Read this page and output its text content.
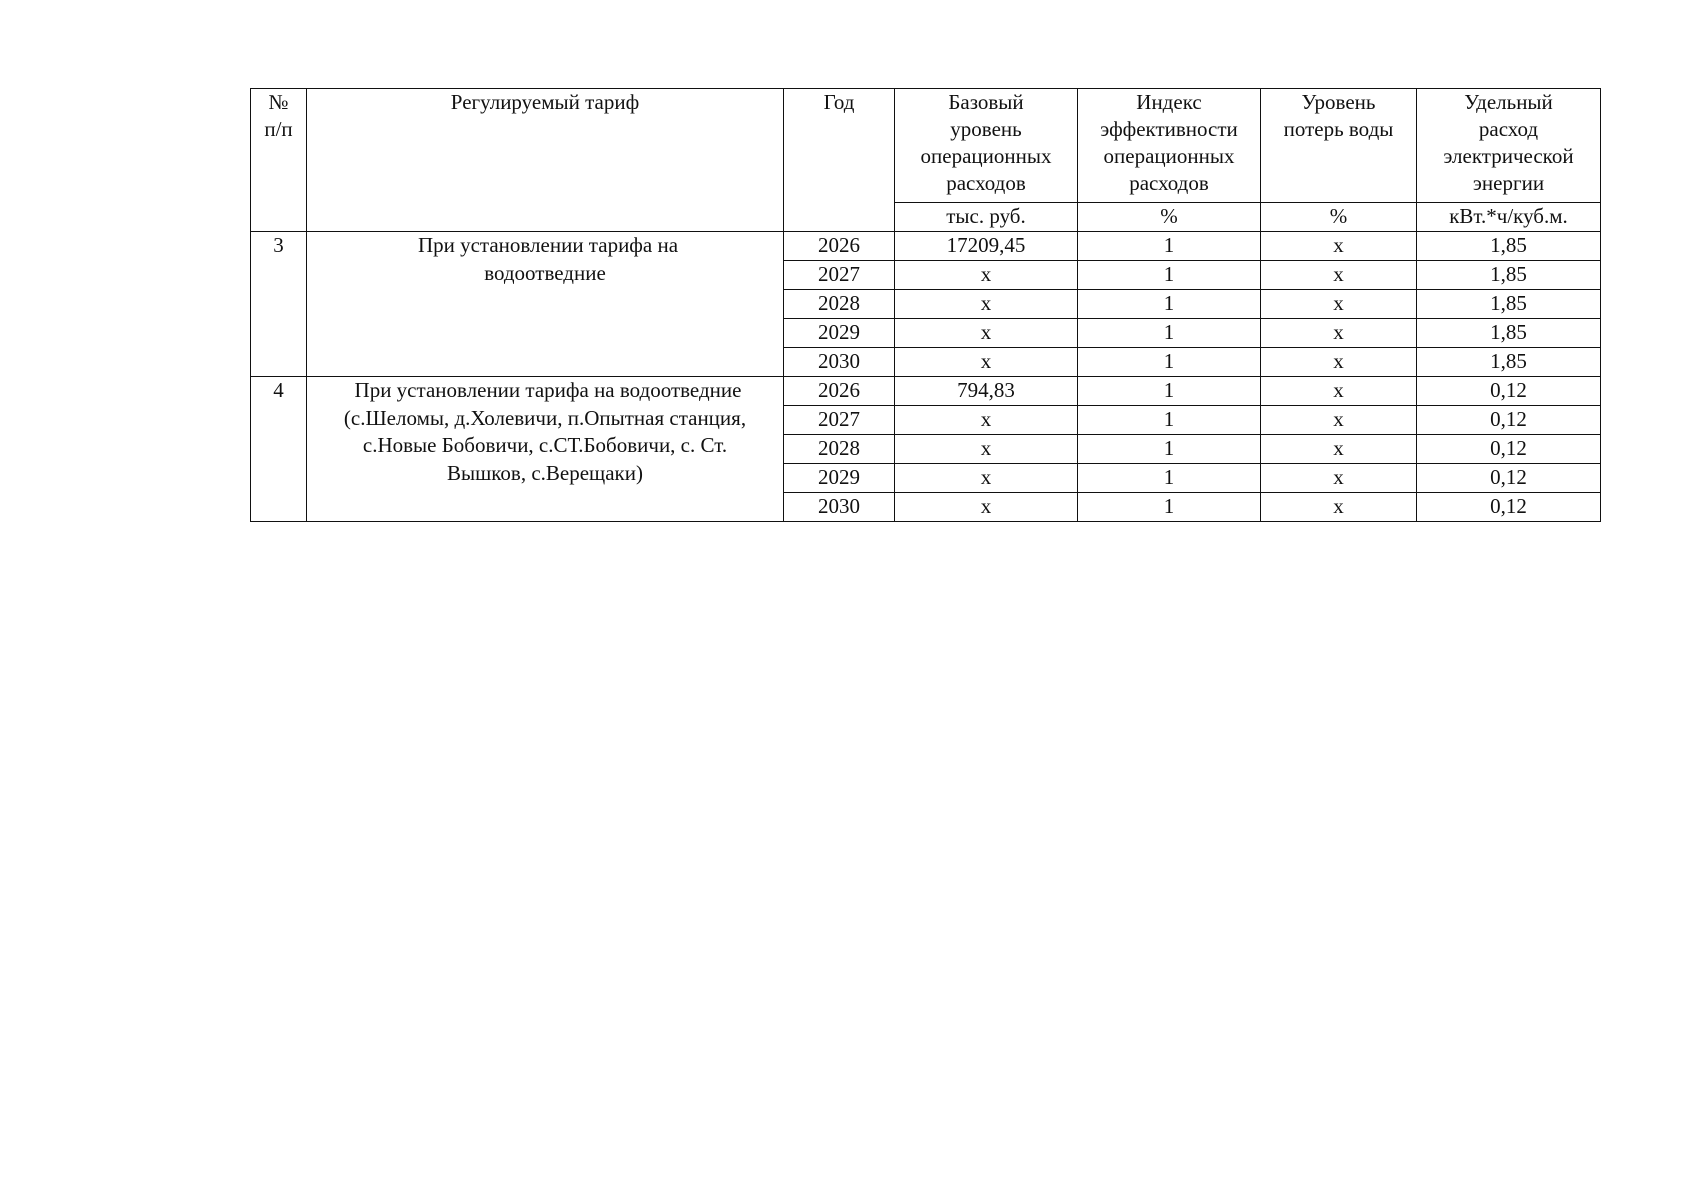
№
п/п	Регулируемый тариф	Год	Базовый
уровень
операционных
расходов	Индекс
эффективности
операционных
расходов	Уровень
потерь воды	Удельный
расход
электрической
энергии

			тыс. руб.	%	%	кВт.*ч/куб.м.
3	При установлении тарифа на
водоотведние	2026	17209,45	1	x	1,85
		2027	x	1	x	1,85
		2028	x	1	x	1,85
		2029	x	1	x	1,85
		2030	x	1	x	1,85
4	При установлении тарифа на водоотведние
(с.Шеломы, д.Холевичи, п.Опытная станция,
с.Новые Бобовичи, с.СТ.Бобовичи, с. Ст.
Вышков, с.Верещаки)	2026	794,83	1	x	0,12
		2027	x	1	x	0,12
		2028	x	1	x	0,12
		2029	x	1	x	0,12
		2030	x	1	x	0,12
